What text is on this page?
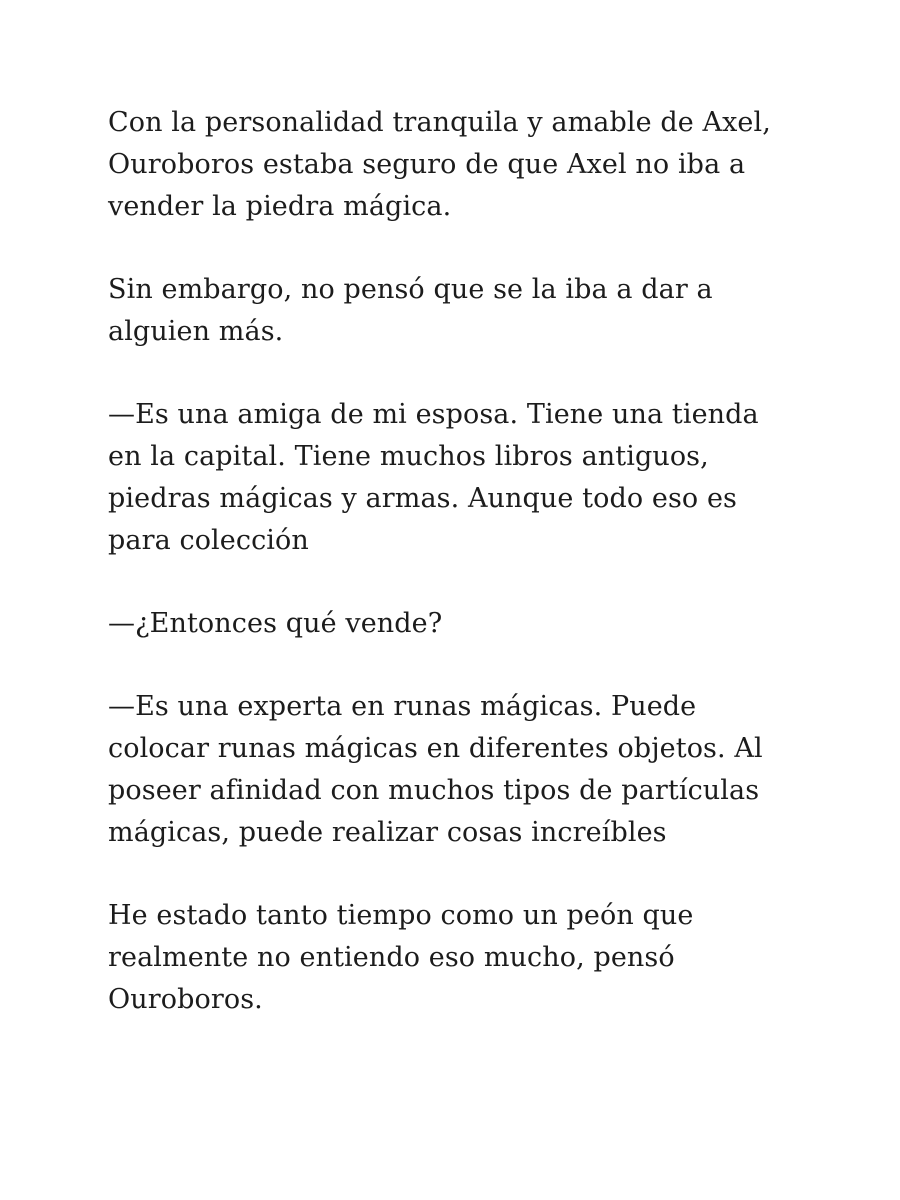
Con la personalidad tranquila y amable de Axel,
Ouroboros estaba seguro de que Axel no iba a
vender la piedra mágica.

Sin embargo, no pensó que se la iba a dar a
alguien más.

—Es una amiga de mi esposa. Tiene una tienda
en la capital. Tiene muchos libros antiguos,
piedras mágicas y armas. Aunque todo eso es
para colección

—¿Entonces qué vende?

—Es una experta en runas mágicas. Puede
colocar runas mágicas en diferentes objetos. Al
poseer afinidad con muchos tipos de partículas
mágicas, puede realizar cosas increíbles

He estado tanto tiempo como un peón que
realmente no entiendo eso mucho, pensó
Ouroboros.
